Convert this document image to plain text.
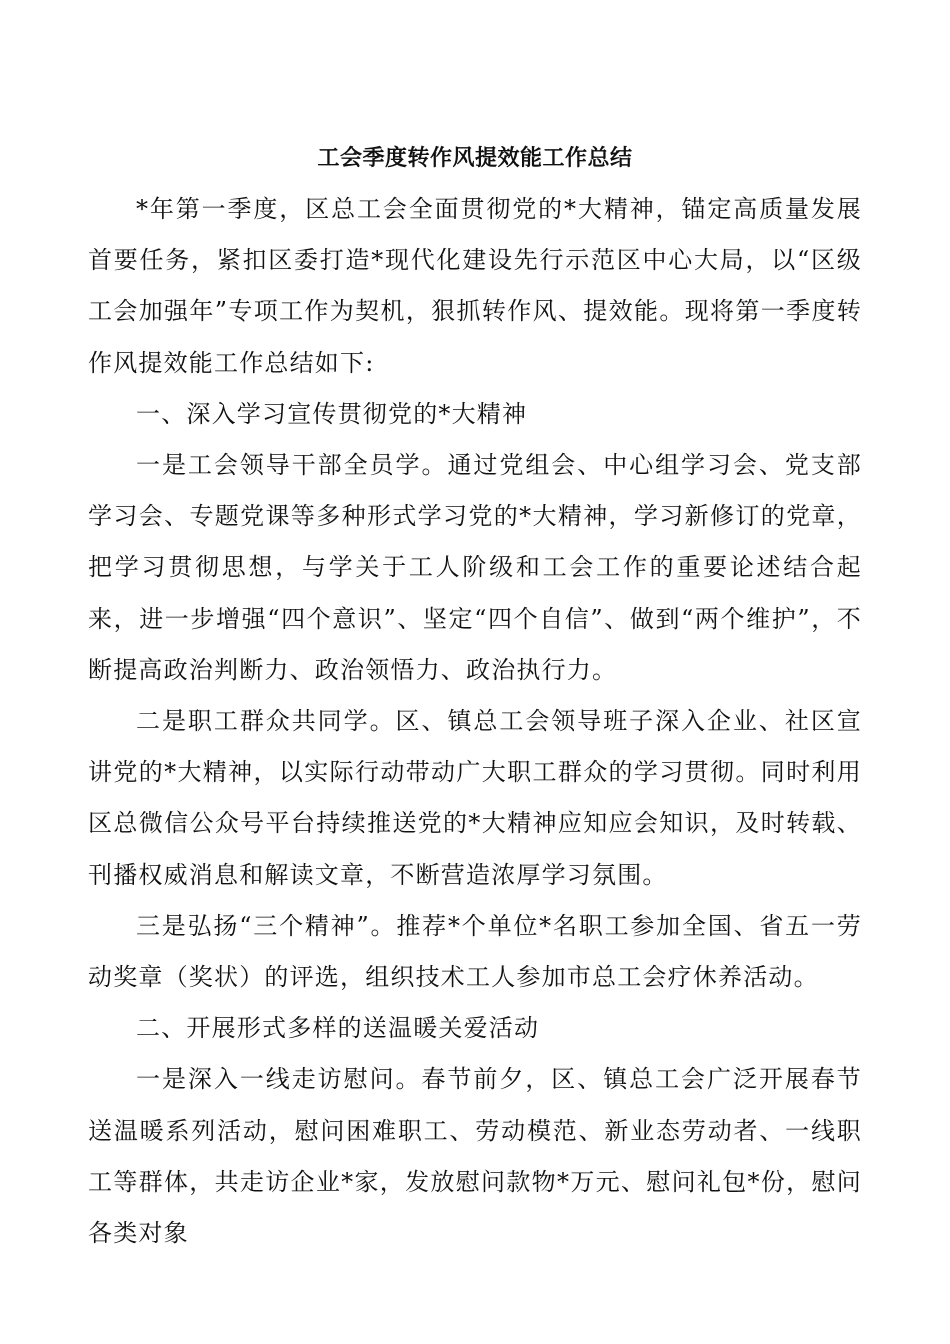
工会季度转作风提效能工作总结

*年第一季度，区总工会全面贯彻党的*大精神，锚定高质量发展首要任务，紧扣区委打造*现代化建设先行示范区中心大局，以“区级工会加强年”专项工作为契机，狠抓转作风、提效能。现将第一季度转作风提效能工作总结如下:

一、深入学习宣传贯彻党的*大精神

一是工会领导干部全员学。通过党组会、中心组学习会、党支部学习会、专题党课等多种形式学习党的*大精神，学习新修订的党章，把学习贯彻思想，与学关于工人阶级和工会工作的重要论述结合起来，进一步增强“四个意识”、坚定“四个自信”、做到“两个维护”，不断提高政治判断力、政治领悟力、政治执行力。

二是职工群众共同学。区、镇总工会领导班子深入企业、社区宣讲党的*大精神，以实际行动带动广大职工群众的学习贯彻。同时利用区总微信公众号平台持续推送党的*大精神应知应会知识，及时转载、刊播权威消息和解读文章，不断营造浓厚学习氛围。

三是弘扬“三个精神”。推荐*个单位*名职工参加全国、省五一劳动奖章（奖状）的评选，组织技术工人参加市总工会疗休养活动。

二、开展形式多样的送温暖关爱活动

一是深入一线走访慰问。春节前夕，区、镇总工会广泛开展春节送温暖系列活动，慰问困难职工、劳动模范、新业态劳动者、一线职工等群体，共走访企业*家，发放慰问款物*万元、慰问礼包*份，慰问各类对象
